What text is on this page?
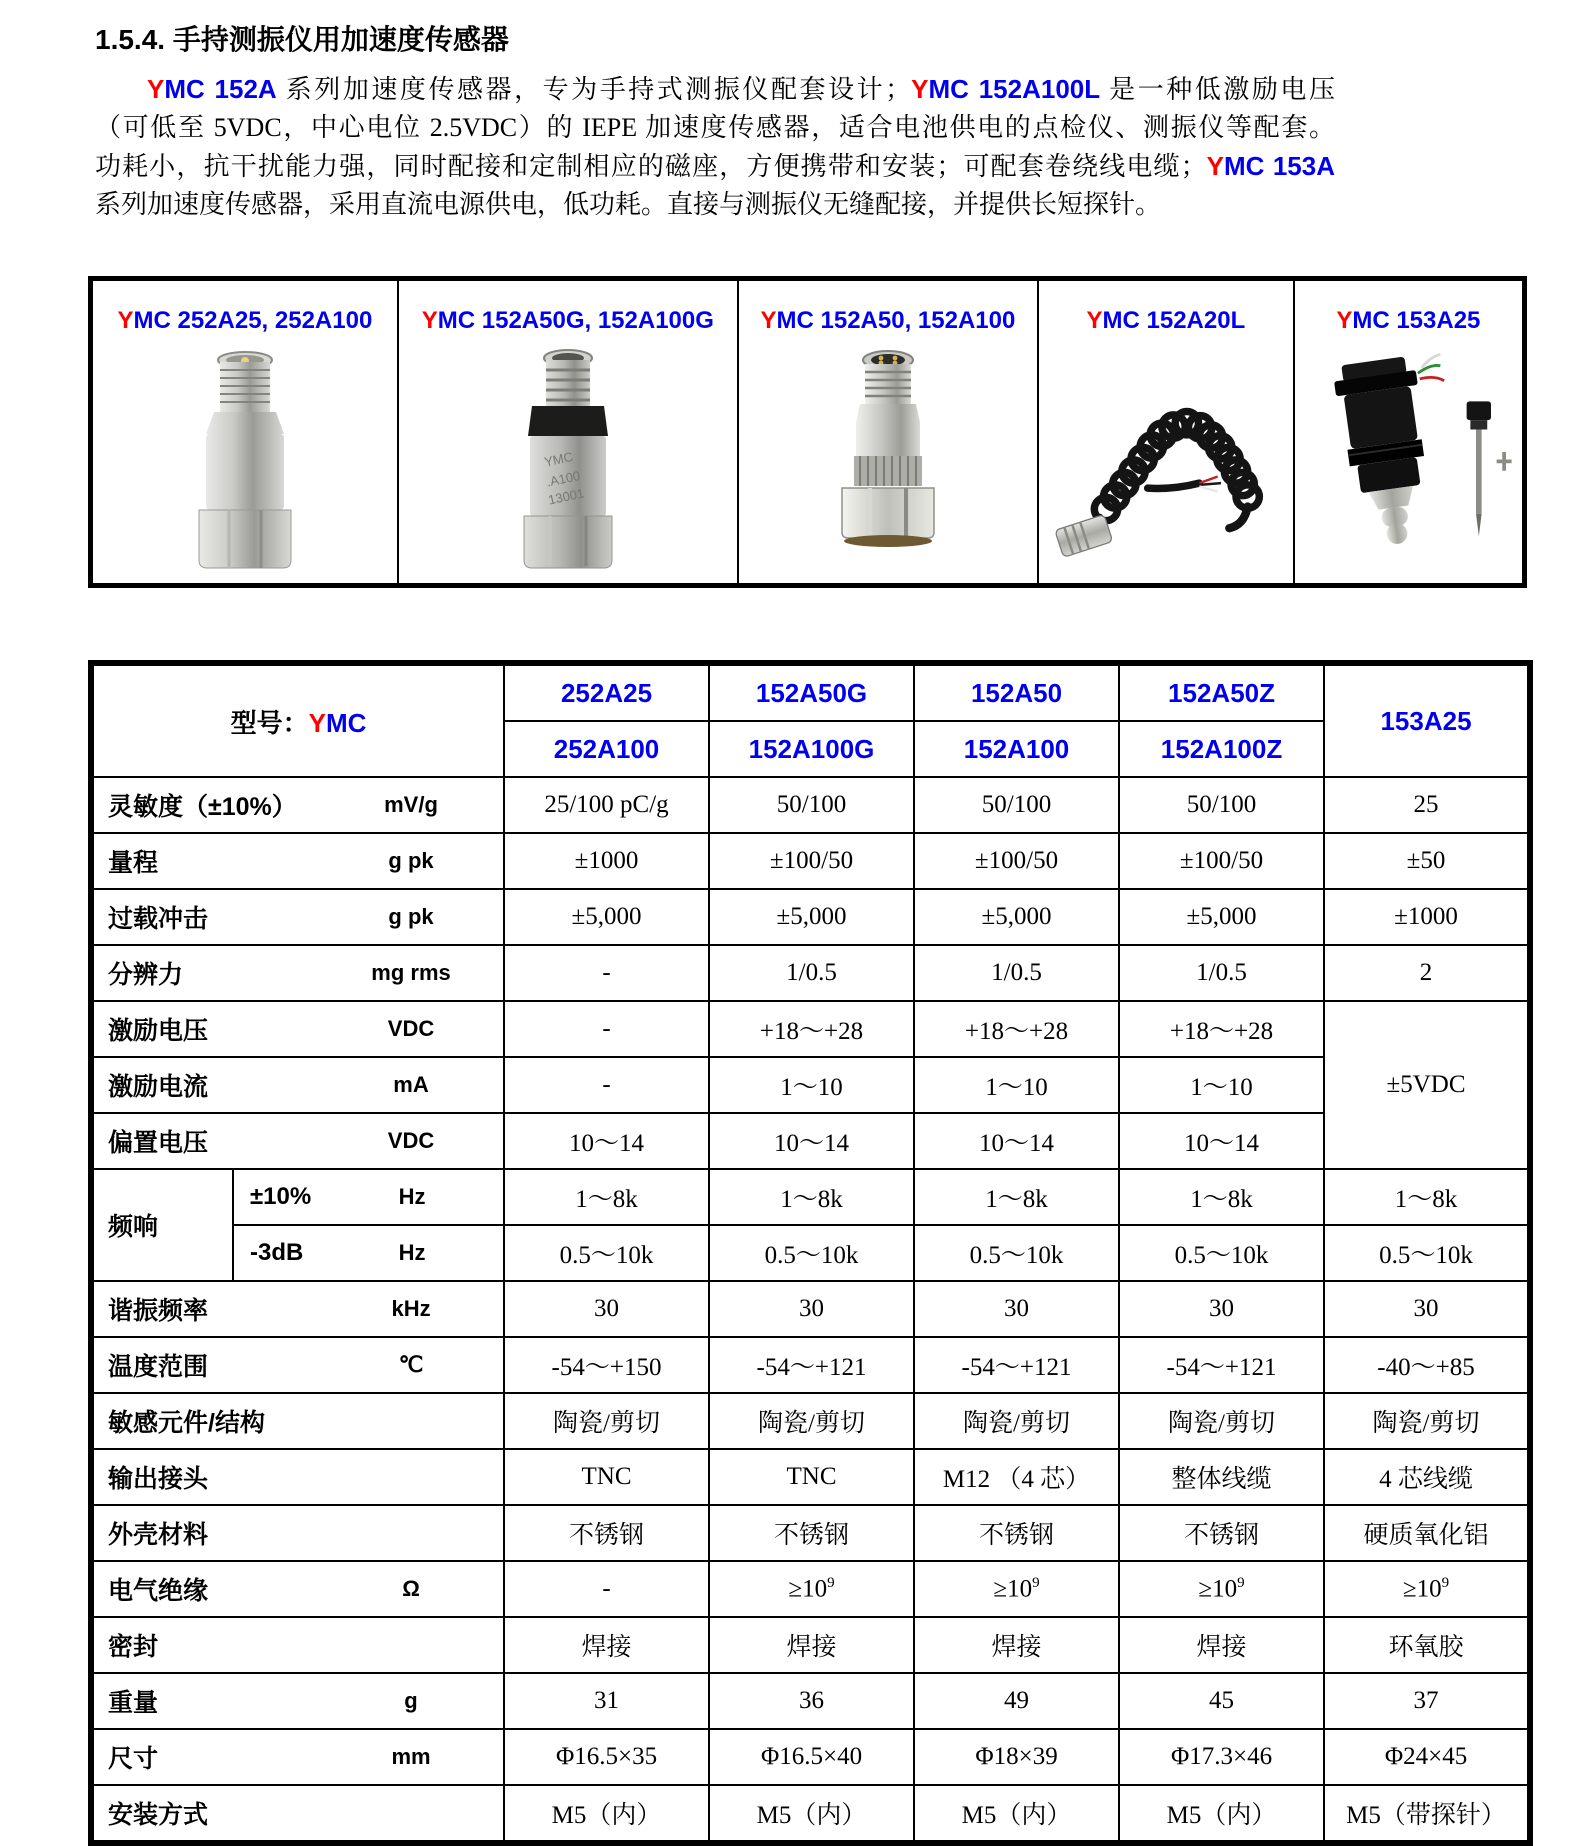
1.5.4. 手持测振仪用加速度传感器
YMC 152A 系列加速度传感器，专为手持式测振仪配套设计；YMC 152A100L 是一种低激励电压
（可低至 5VDC，中心电位 2.5VDC）的 IEPE 加速度传感器，适合电池供电的点检仪、测振仪等配套。
功耗小，抗干扰能力强，同时配接和定制相应的磁座，方便携带和安装；可配套卷绕线电缆；YMC 153A
系列加速度传感器，采用直流电源供电，低功耗。直接与测振仪无缝配接，并提供长短探针。
YMC 252A25, 252A100 YMC 152A50G, 152A100G
YMC
.A100
13001
YMC 152A50, 152A100	YMC 152A20L	YMC 153A25
型号：YMC		252A25	152A50G	152A50	152A50Z	153A25
		252A100	152A100G	152A100	152A100Z	

灵敏度（±10%） mV/g		25/100 pC/g	50/100	50/100	50/100	25

量程 g pk		±1000	±100/50	±100/50	±100/50	±50

过载冲击 g pk		±5,000	±5,000	±5,000	±5,000	±1000

分辨力 mg rms		-	1/0.5	1/0.5	1/0.5	2

激励电压 VDC		-	+18～+28	+18～+28	+18～+28	±5VDC

激励电流 mA		-	1～10	1～10	1～10	

偏置电压 VDC		10～14	10～14	10～14	10～14	
频响	±10% Hz	1～8k	1～8k	1～8k	1～8k	1～8k

	-3dB Hz	0.5～10k	0.5～10k	0.5～10k	0.5～10k	0.5～10k

谐振频率 kHz		30	30	30	30	30

温度范围 ℃		-54～+150	-54～+121	-54～+121	-54～+121	-40～+85

敏感元件/结构		陶瓷/剪切	陶瓷/剪切	陶瓷/剪切	陶瓷/剪切	陶瓷/剪切

输出接头		TNC	TNC	M12 （4 芯）	整体线缆	4 芯线缆

外壳材料		不锈钢	不锈钢	不锈钢	不锈钢	硬质氧化铝

电气绝缘 Ω		-	$\ge 10^9$	$\ge 10^9$	$\ge 10^9$	$\ge 10^9$

密封		焊接	焊接	焊接	焊接	环氧胶

重量 g		31	36	49	45	37

尺寸 mm		Φ16.5×35	Φ16.5×40	Φ18×39	Φ17.3×46	Φ24×45

安装方式		M5（内）	M5（内）	M5（内）	M5（内）	M5（带探针）
